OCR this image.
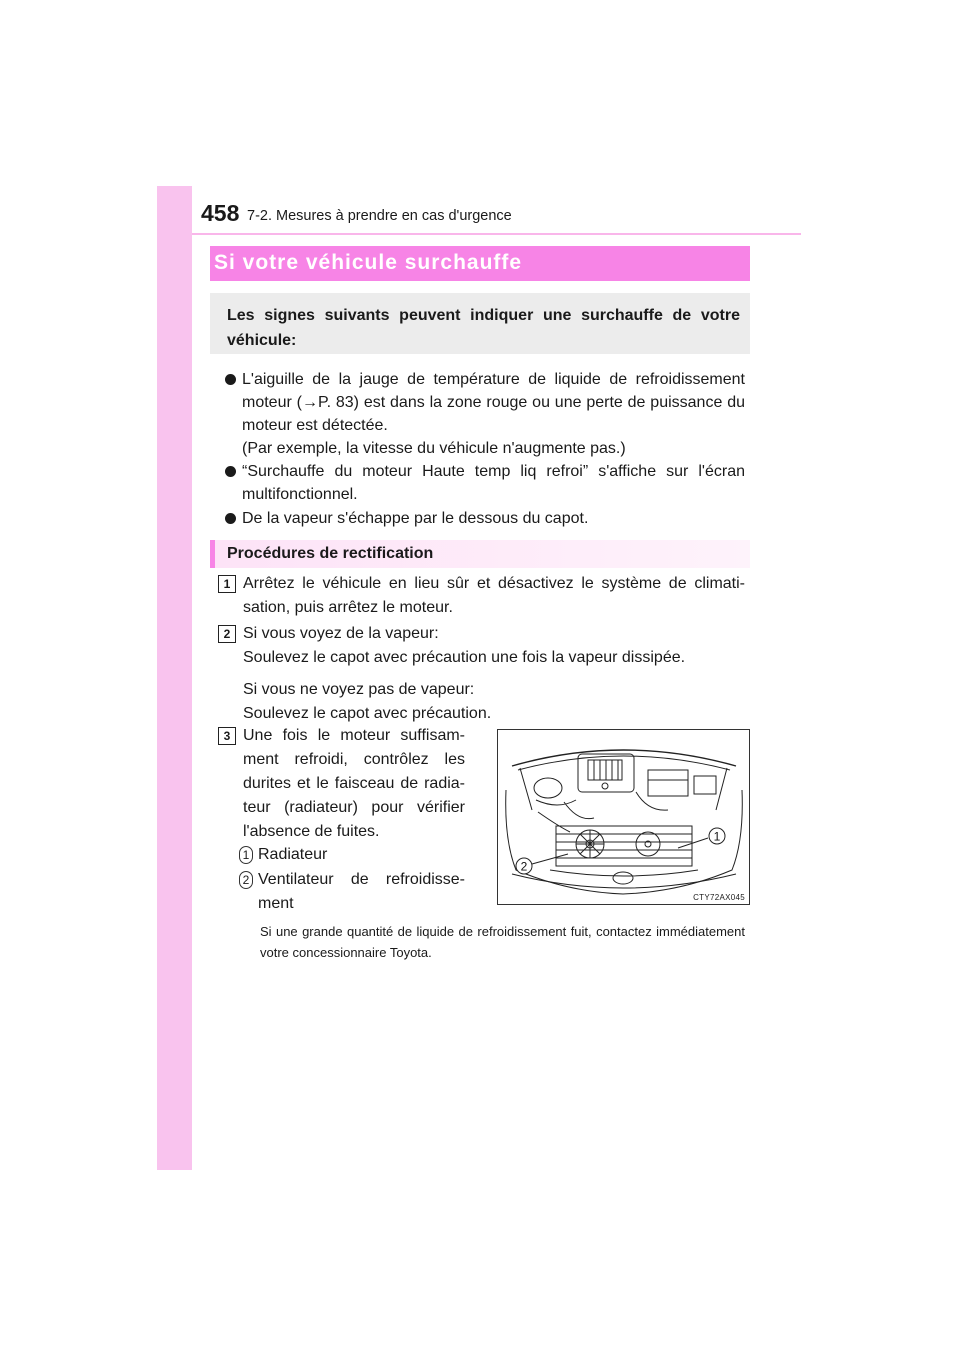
458 7-2. Mesures à prendre en cas d'urgence
Si votre véhicule surchauffe
Les signes suivants peuvent indiquer une surchauffe de votre véhicule:
L'aiguille de la jauge de température de liquide de refroidissement moteur (→P. 83) est dans la zone rouge ou une perte de puissance du moteur est détectée.
(Par exemple, la vitesse du véhicule n'augmente pas.)
“Surchauffe du moteur Haute temp liq refroi” s'affiche sur l'écran multifonctionnel.
De la vapeur s'échappe par le dessous du capot.
Procédures de rectification
1 Arrêtez le véhicule en lieu sûr et désactivez le système de climati- sation, puis arrêtez le moteur.
2 Si vous voyez de la vapeur:
Soulevez le capot avec précaution une fois la vapeur dissipée.
Si vous ne voyez pas de vapeur:
Soulevez le capot avec précaution.
3 Une fois le moteur suffisam- ment refroidi, contrôlez les durites et le faisceau de radia- teur (radiateur) pour vérifier l'absence de fuites.
1 Radiateur
2 Ventilateur de refroidisse- ment
Si une grande quantité de liquide de refroidissement fuit, contactez immédiatement votre concessionnaire Toyota.
1
2
CTY72AX045
